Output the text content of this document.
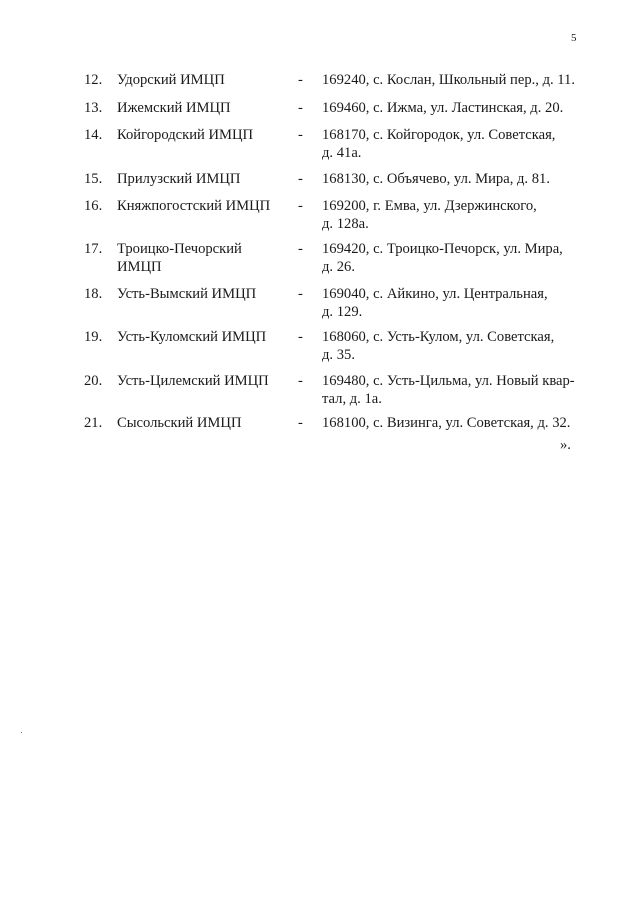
5
12. Удорский ИМЦП	- 169240, с. Кослан, Школьный пер., д. 11.
13. Ижемский ИМЦП	- 169460, с. Ижма, ул. Ластинская, д. 20.
14. Койгородский ИМЦП	- 168170, с. Койгородок, ул. Советская,
д. 41а.
15. Прилузский ИМЦП	- 168130, с. Объячево, ул. Мира, д. 81.
16. Княжпогостский ИМЦП	- 169200, г. Емва, ул. Дзержинского,
д. 128а.
17. Троицко-Печорский
ИМЦП
- 169420, с. Троицко-Печорск, ул. Мира,
д. 26.
18. Усть-Вымский ИМЦП	- 169040, с. Айкино, ул. Центральная,
д. 129.
19. Усть-Куломский ИМЦП	- 168060, с. Усть-Кулом, ул. Советская,
д. 35.
20. Усть-Цилемский ИМЦП	- 169480, с. Усть-Цильма, ул. Новый квар-
тал, д. 1а.
21. Сысольский ИМЦП	- 168100, с. Визинга, ул. Советская, д. 32.
».
